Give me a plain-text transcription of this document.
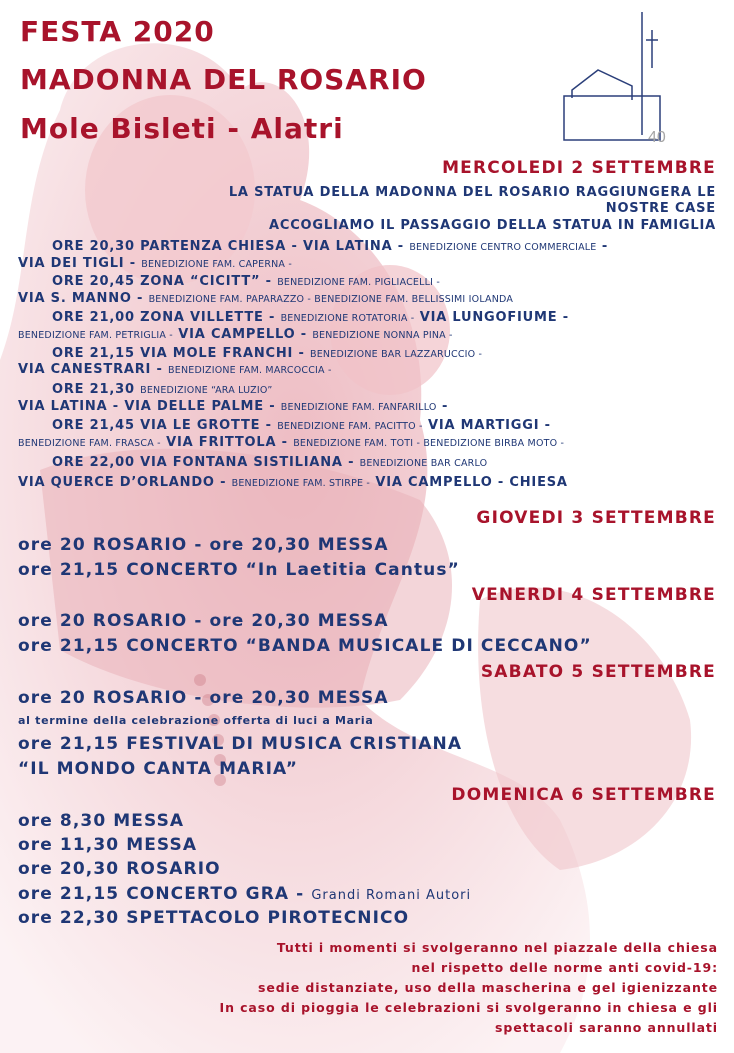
40
FESTA 2020
MADONNA DEL ROSARIO
Mole Bisleti - Alatri
MERCOLEDI 2 SETTEMBRE
LA STATUA DELLA MADONNA DEL ROSARIO RAGGIUNGERA LE
NOSTRE CASE
ACCOGLIAMO IL PASSAGGIO DELLA STATUA IN FAMIGLIA
ORE 20,30 PARTENZA CHIESA - VIA LATINA - BENEDIZIONE CENTRO COMMERCIALE -
VIA DEI TIGLI - BENEDIZIONE FAM. CAPERNA -
ORE 20,45 ZONA “CICITT” - BENEDIZIONE FAM. PIGLIACELLI -
VIA S. MANNO - BENEDIZIONE FAM. PAPARAZZO - BENEDIZIONE FAM. BELLISSIMI IOLANDA
ORE 21,00 ZONA VILLETTE - BENEDIZIONE ROTATORIA - VIA LUNGOFIUME -
BENEDIZIONE FAM. PETRIGLIA - VIA CAMPELLO - BENEDIZIONE NONNA PINA -
ORE 21,15 VIA MOLE FRANCHI - BENEDIZIONE BAR LAZZARUCCIO -
VIA CANESTRARI - BENEDIZIONE FAM. MARCOCCIA -
ORE 21,30 BENEDIZIONE “ARA LUZIO”
VIA LATINA - VIA DELLE PALME - BENEDIZIONE FAM. FANFARILLO -
ORE 21,45 VIA LE GROTTE - BENEDIZIONE FAM. PACITTO - VIA MARTIGGI -
BENEDIZIONE FAM. FRASCA - VIA FRITTOLA - BENEDIZIONE FAM. TOTI - BENEDIZIONE BIRBA MOTO -
ORE 22,00 VIA FONTANA SISTILIANA - BENEDIZIONE BAR CARLO
VIA QUERCE D’ORLANDO - BENEDIZIONE FAM. STIRPE - VIA CAMPELLO - CHIESA
GIOVEDI 3 SETTEMBRE
ore 20 ROSARIO - ore 20,30 MESSA
ore 21,15 CONCERTO “In Laetitia Cantus”
VENERDI 4 SETTEMBRE
ore 20 ROSARIO - ore 20,30 MESSA
ore 21,15 CONCERTO “BANDA MUSICALE DI CECCANO”
SABATO 5 SETTEMBRE
ore 20 ROSARIO - ore 20,30 MESSA
al termine della celebrazione offerta di luci a Maria
ore 21,15 FESTIVAL DI MUSICA CRISTIANA
“IL MONDO CANTA MARIA”
DOMENICA 6 SETTEMBRE
ore 8,30 MESSA
ore 11,30 MESSA
ore 20,30 ROSARIO
ore 21,15 CONCERTO GRA - Grandi Romani Autori
ore 22,30 SPETTACOLO PIROTECNICO
Tutti i momenti si svolgeranno nel piazzale della chiesa
nel rispetto delle norme anti covid-19:
sedie distanziate, uso della mascherina e gel igienizzante
In caso di pioggia le celebrazioni si svolgeranno in chiesa e gli
spettacoli saranno annullati
